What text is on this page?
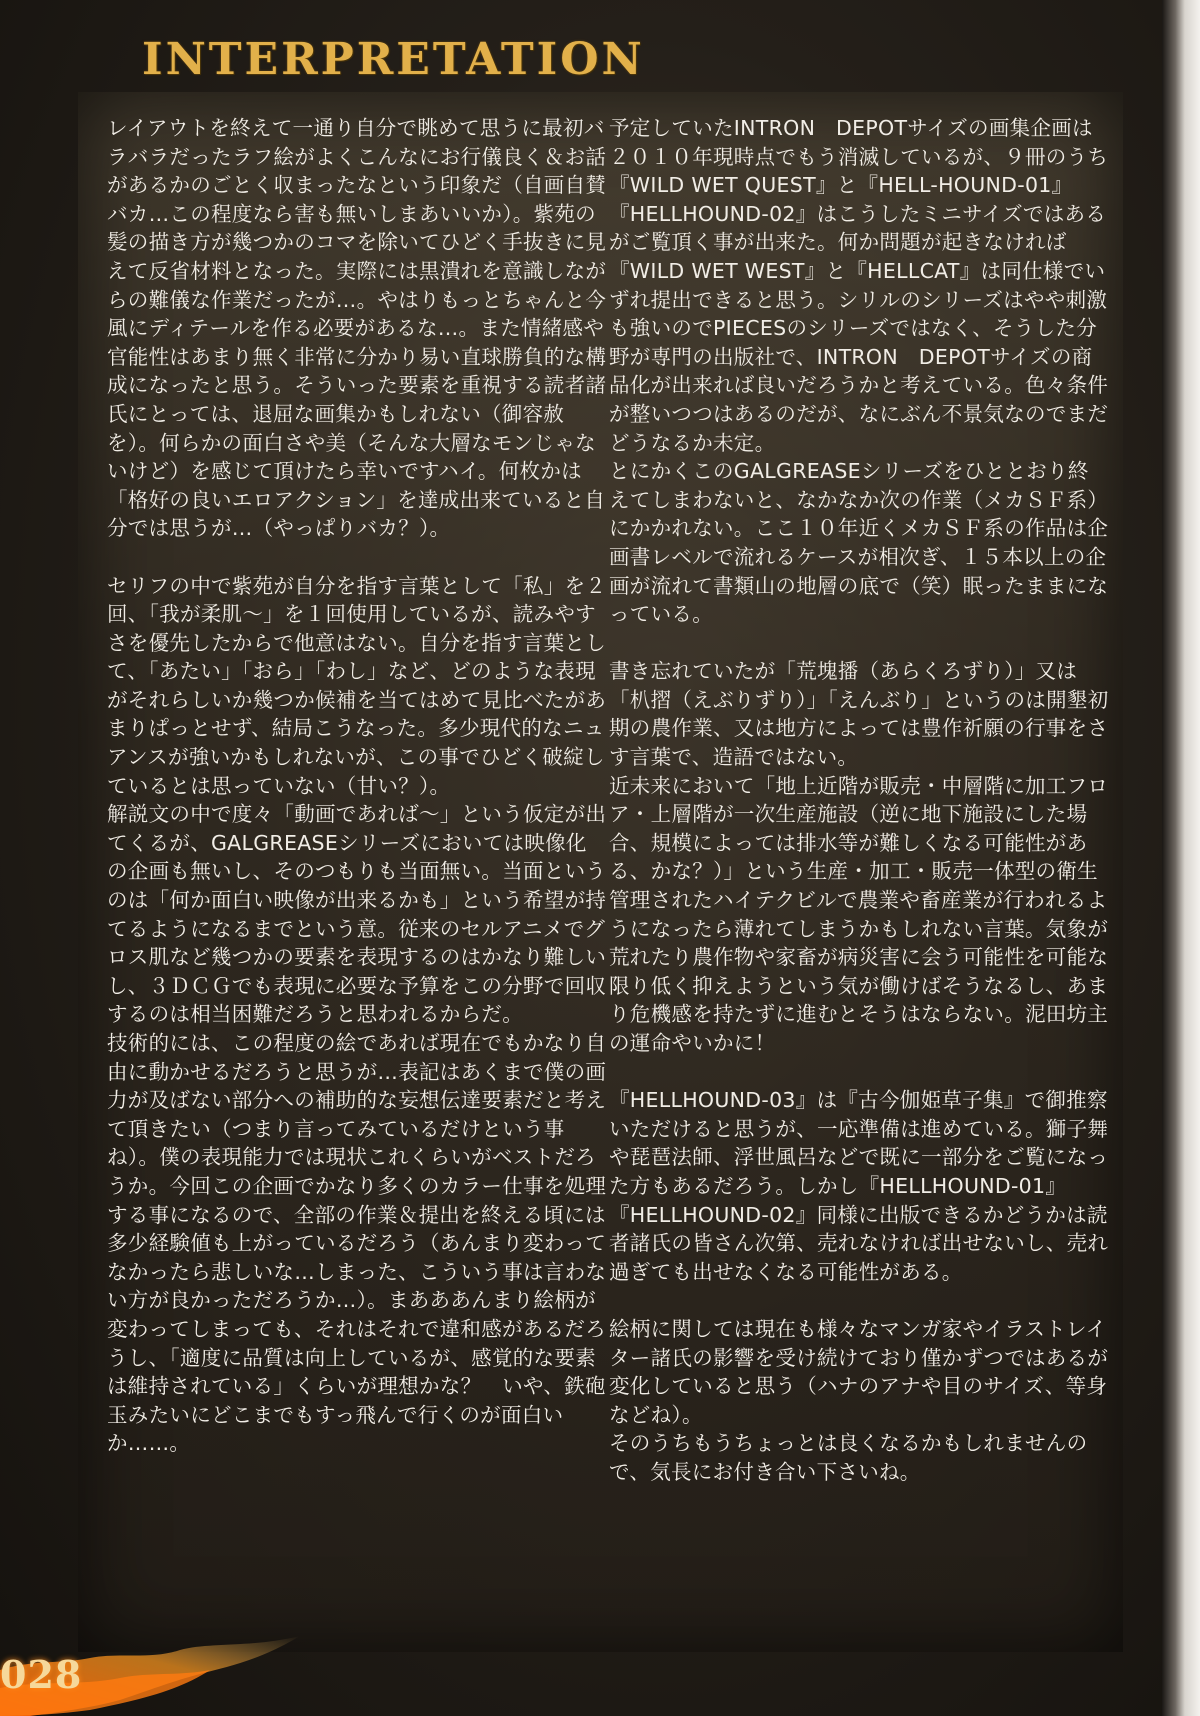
INTERPRETATION

レイアウトを終えて一通り自分で眺めて思うに最初バラバラだったラフ絵がよくこんなにお行儀良く＆お話があるかのごとく収まったなという印象だ（自画自賛バカ…この程度なら害も無いしまあいいか）。紫苑の髪の描き方が幾つかのコマを除いてひどく手抜きに見えて反省材料となった。実際には黒潰れを意識しながらの難儀な作業だったが…。やはりもっとちゃんと今風にディテールを作る必要があるな…。また情緒感や官能性はあまり無く非常に分かり易い直球勝負的な構成になったと思う。そういった要素を重視する読者諸氏にとっては、退屈な画集かもしれない（御容赦を）。何らかの面白さや美（そんな大層なモンじゃないけど）を感じて頂けたら幸いですハイ。何枚かは「格好の良いエロアクション」を達成出来ていると自分では思うが…（やっぱりバカ？）。

セリフの中で紫苑が自分を指す言葉として「私」を２回、「我が柔肌～」を１回使用しているが、読みやすさを優先したからで他意はない。自分を指す言葉として、「あたい」「おら」「わし」など、どのような表現がそれらしいか幾つか候補を当てはめて見比べたがあまりぱっとせず、結局こうなった。多少現代的なニュアンスが強いかもしれないが、この事でひどく破綻しているとは思っていない（甘い？）。

解説文の中で度々「動画であれば～」という仮定が出てくるが、GALGREASEシリーズにおいては映像化の企画も無いし、そのつもりも当面無い。当面というのは「何か面白い映像が出来るかも」という希望が持てるようになるまでという意。従来のセルアニメでグロス肌など幾つかの要素を表現するのはかなり難しいし、３ＤＣＧでも表現に必要な予算をこの分野で回収するのは相当困難だろうと思われるからだ。

技術的には、この程度の絵であれば現在でもかなり自由に動かせるだろうと思うが…表記はあくまで僕の画力が及ばない部分への補助的な妄想伝達要素だと考えて頂きたい（つまり言ってみているだけという事ね）。僕の表現能力では現状これくらいがベストだろうか。今回この企画でかなり多くのカラー仕事を処理する事になるので、全部の作業＆提出を終える頃には多少経験値も上がっているだろう（あんまり変わってなかったら悲しいな…しまった、こういう事は言わない方が良かっただろうか…）。まあああんまり絵柄が変わってしまっても、それはそれで違和感があるだろうし、「適度に品質は向上しているが、感覚的な要素は維持されている」くらいが理想かな？　いや、鉄砲玉みたいにどこまでもすっ飛んで行くのが面白いか……。

予定していたINTRON　DEPOTサイズの画集企画は２０１０年現時点でもう消滅しているが、９冊のうち『WILD WET QUEST』と『HELL-HOUND-01』『HELLHOUND-02』はこうしたミニサイズではあるがご覧頂く事が出来た。何か問題が起きなければ『WILD WET WEST』と『HELLCAT』は同仕様でいずれ提出できると思う。シリルのシリーズはやや刺激も強いのでPIECESのシリーズではなく、そうした分野が専門の出版社で、INTRON　DEPOTサイズの商品化が出来れば良いだろうかと考えている。色々条件が整いつつはあるのだが、なにぶん不景気なのでまだどうなるか未定。

とにかくこのGALGREASEシリーズをひととおり終えてしまわないと、なかなか次の作業（メカＳＦ系）にかかれない。ここ１０年近くメカＳＦ系の作品は企画書レベルで流れるケースが相次ぎ、１５本以上の企画が流れて書類山の地層の底で（笑）眠ったままになっている。

書き忘れていたが「荒塊播（あらくろずり）」又は「朳摺（えぶりずり）」「えんぶり」というのは開墾初期の農作業、又は地方によっては豊作祈願の行事をさす言葉で、造語ではない。

近未来において「地上近階が販売・中層階に加工フロア・上層階が一次生産施設（逆に地下施設にした場合、規模によっては排水等が難しくなる可能性がある、かな？）」という生産・加工・販売一体型の衛生管理されたハイテクビルで農業や畜産業が行われるようになったら薄れてしまうかもしれない言葉。気象が荒れたり農作物や家畜が病災害に会う可能性を可能な限り低く抑えようという気が働けばそうなるし、あまり危機感を持たずに進むとそうはならない。泥田坊主の運命やいかに！

『HELLHOUND-03』は『古今伽姫草子集』で御推察いただけると思うが、一応準備は進めている。獅子舞や琵琶法師、浮世風呂などで既に一部分をご覧になった方もあるだろう。しかし『HELLHOUND-01』『HELLHOUND-02』同様に出版できるかどうかは読者諸氏の皆さん次第、売れなければ出せないし、売れ過ぎても出せなくなる可能性がある。

絵柄に関しては現在も様々なマンガ家やイラストレイター諸氏の影響を受け続けており僅かずつではあるが変化していると思う（ハナのアナや目のサイズ、等身などね）。

そのうちもうちょっとは良くなるかもしれませんので、気長にお付き合い下さいね。

028
